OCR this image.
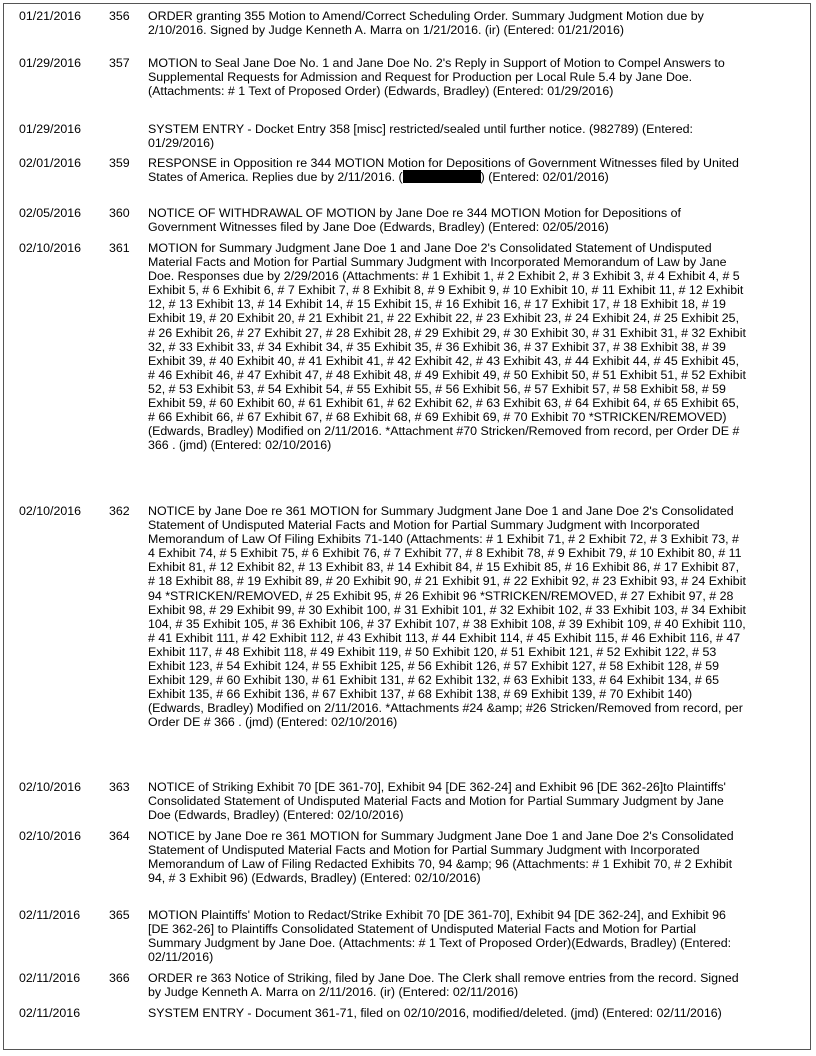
01/21/2016	356	ORDER granting 355 Motion to Amend/Correct Scheduling Order. Summary Judgment Motion due by 2/10/2016. Signed by Judge Kenneth A. Marra on 1/21/2016. (ir) (Entered: 01/21/2016)
01/29/2016	357	MOTION to Seal Jane Doe No. 1 and Jane Doe No. 2's Reply in Support of Motion to Compel Answers to Supplemental Requests for Admission and Request for Production per Local Rule 5.4 by Jane Doe. (Attachments: # 1 Text of Proposed Order) (Edwards, Bradley) (Entered: 01/29/2016)
01/29/2016	SYSTEM ENTRY - Docket Entry 358 [misc] restricted/sealed until further notice. (982789) (Entered: 01/29/2016)
02/01/2016	359	RESPONSE in Opposition re 344 MOTION Motion for Depositions of Government Witnesses filed by United States of America. Replies due by 2/11/2016. (	) (Entered: 02/01/2016)
02/05/2016	360	NOTICE OF WITHDRAWAL OF MOTION by Jane Doe re 344 MOTION Motion for Depositions of Government Witnesses filed by Jane Doe (Edwards, Bradley) (Entered: 02/05/2016)
02/10/2016	361	MOTION for Summary Judgment Jane Doe 1 and Jane Doe 2's Consolidated Statement of Undisputed Material Facts and Motion for Partial Summary Judgment with Incorporated Memorandum of Law by Jane Doe. Responses due by 2/29/2016 (Attachments: # 1 Exhibit 1, # 2 Exhibit 2, # 3 Exhibit 3, # 4 Exhibit 4, # 5 Exhibit 5, # 6 Exhibit 6, # 7 Exhibit 7, # 8 Exhibit 8, # 9 Exhibit 9, # 10 Exhibit 10, # 11 Exhibit 11, # 12 Exhibit 12, # 13 Exhibit 13, # 14 Exhibit 14, # 15 Exhibit 15, # 16 Exhibit 16, # 17 Exhibit 17, # 18 Exhibit 18, # 19 Exhibit 19, # 20 Exhibit 20, # 21 Exhibit 21, # 22 Exhibit 22, # 23 Exhibit 23, # 24 Exhibit 24, # 25 Exhibit 25, # 26 Exhibit 26, # 27 Exhibit 27, # 28 Exhibit 28, # 29 Exhibit 29, # 30 Exhibit 30, # 31 Exhibit 31, # 32 Exhibit 32, # 33 Exhibit 33, # 34 Exhibit 34, # 35 Exhibit 35, # 36 Exhibit 36, # 37 Exhibit 37, # 38 Exhibit 38, # 39 Exhibit 39, # 40 Exhibit 40, # 41 Exhibit 41, # 42 Exhibit 42, # 43 Exhibit 43, # 44 Exhibit 44, # 45 Exhibit 45, # 46 Exhibit 46, # 47 Exhibit 47, # 48 Exhibit 48, # 49 Exhibit 49, # 50 Exhibit 50, # 51 Exhibit 51, # 52 Exhibit 52, # 53 Exhibit 53, # 54 Exhibit 54, # 55 Exhibit 55, # 56 Exhibit 56, # 57 Exhibit 57, # 58 Exhibit 58, # 59 Exhibit 59, # 60 Exhibit 60, # 61 Exhibit 61, # 62 Exhibit 62, # 63 Exhibit 63, # 64 Exhibit 64, # 65 Exhibit 65, # 66 Exhibit 66, # 67 Exhibit 67, # 68 Exhibit 68, # 69 Exhibit 69, # 70 Exhibit 70 *STRICKEN/REMOVED)(Edwards, Bradley) Modified on 2/11/2016. *Attachment #70 Stricken/Removed from record, per Order DE # 366 . (jmd) (Entered: 02/10/2016)
02/10/2016	362	NOTICE by Jane Doe re 361 MOTION for Summary Judgment Jane Doe 1 and Jane Doe 2's Consolidated Statement of Undisputed Material Facts and Motion for Partial Summary Judgment with Incorporated Memorandum of Law Of Filing Exhibits 71-140 (Attachments: # 1 Exhibit 71, # 2 Exhibit 72, # 3 Exhibit 73, # 4 Exhibit 74, # 5 Exhibit 75, # 6 Exhibit 76, # 7 Exhibit 77, # 8 Exhibit 78, # 9 Exhibit 79, # 10 Exhibit 80, # 11 Exhibit 81, # 12 Exhibit 82, # 13 Exhibit 83, # 14 Exhibit 84, # 15 Exhibit 85, # 16 Exhibit 86, # 17 Exhibit 87, # 18 Exhibit 88, # 19 Exhibit 89, # 20 Exhibit 90, # 21 Exhibit 91, # 22 Exhibit 92, # 23 Exhibit 93, # 24 Exhibit 94 *STRICKEN/REMOVED, # 25 Exhibit 95, # 26 Exhibit 96 *STRICKEN/REMOVED, # 27 Exhibit 97, # 28 Exhibit 98, # 29 Exhibit 99, # 30 Exhibit 100, # 31 Exhibit 101, # 32 Exhibit 102, # 33 Exhibit 103, # 34 Exhibit 104, # 35 Exhibit 105, # 36 Exhibit 106, # 37 Exhibit 107, # 38 Exhibit 108, # 39 Exhibit 109, # 40 Exhibit 110, # 41 Exhibit 111, # 42 Exhibit 112, # 43 Exhibit 113, # 44 Exhibit 114, # 45 Exhibit 115, # 46 Exhibit 116, # 47 Exhibit 117, # 48 Exhibit 118, # 49 Exhibit 119, # 50 Exhibit 120, # 51 Exhibit 121, # 52 Exhibit 122, # 53 Exhibit 123, # 54 Exhibit 124, # 55 Exhibit 125, # 56 Exhibit 126, # 57 Exhibit 127, # 58 Exhibit 128, # 59 Exhibit 129, # 60 Exhibit 130, # 61 Exhibit 131, # 62 Exhibit 132, # 63 Exhibit 133, # 64 Exhibit 134, # 65 Exhibit 135, # 66 Exhibit 136, # 67 Exhibit 137, # 68 Exhibit 138, # 69 Exhibit 139, # 70 Exhibit 140) (Edwards, Bradley) Modified on 2/11/2016. *Attachments #24 &amp; #26 Stricken/Removed from record, per Order DE # 366 . (jmd) (Entered: 02/10/2016)
02/10/2016	363	NOTICE of Striking Exhibit 70 [DE 361-70], Exhibit 94 [DE 362-24] and Exhibit 96 [DE 362-26]to Plaintiffs' Consolidated Statement of Undisputed Material Facts and Motion for Partial Summary Judgment by Jane Doe (Edwards, Bradley) (Entered: 02/10/2016)
02/10/2016	364	NOTICE by Jane Doe re 361 MOTION for Summary Judgment Jane Doe 1 and Jane Doe 2's Consolidated Statement of Undisputed Material Facts and Motion for Partial Summary Judgment with Incorporated Memorandum of Law of Filing Redacted Exhibits 70, 94 &amp; 96 (Attachments: # 1 Exhibit 70, # 2 Exhibit 94, # 3 Exhibit 96) (Edwards, Bradley) (Entered: 02/10/2016)
02/11/2016	365	MOTION Plaintiffs' Motion to Redact/Strike Exhibit 70 [DE 361-70], Exhibit 94 [DE 362-24], and Exhibit 96 [DE 362-26] to Plaintiffs Consolidated Statement of Undisputed Material Facts and Motion for Partial Summary Judgment by Jane Doe. (Attachments: # 1 Text of Proposed Order)(Edwards, Bradley) (Entered: 02/11/2016)
02/11/2016	366	ORDER re 363 Notice of Striking, filed by Jane Doe. The Clerk shall remove entries from the record. Signed by Judge Kenneth A. Marra on 2/11/2016. (ir) (Entered: 02/11/2016)
02/11/2016	SYSTEM ENTRY - Document 361-71, filed on 02/10/2016, modified/deleted. (jmd) (Entered: 02/11/2016)
